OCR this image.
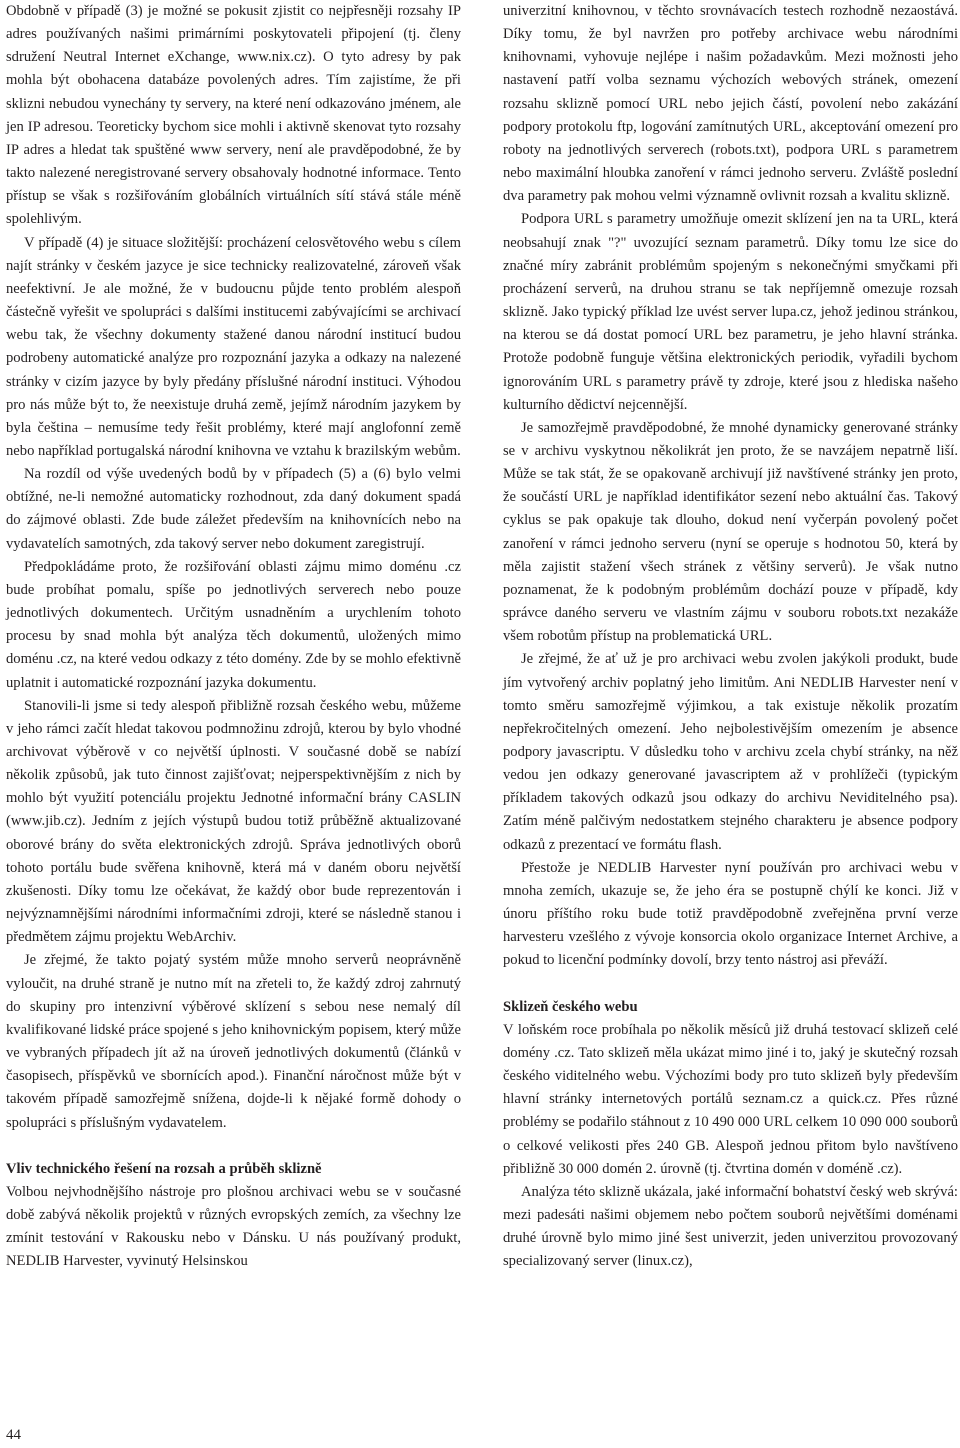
Obdobně v případě (3) je možné se pokusit zjistit co nejpřesněji rozsahy IP adres používaných našimi primárními poskytovateli připojení (tj. členy sdružení Neutral Internet eXchange, www.nix.cz). O tyto adresy by pak mohla být obohacena databáze povolených adres. Tím zajistíme, že při sklizni nebudou vynechány ty servery, na které není odkazováno jménem, ale jen IP adresou. Teoreticky bychom sice mohli i aktivně skenovat tyto rozsahy IP adres a hledat tak spuštěné www servery, není ale pravděpodobné, že by takto nalezené neregistrované servery obsahovaly hodnotné informace. Tento přístup se však s rozšiřováním globálních virtuálních sítí stává stále méně spolehlivým.

V případě (4) je situace složitější: procházení celosvětového webu s cílem najít stránky v českém jazyce je sice technicky realizovatelné, zároveň však neefektivní. Je ale možné, že v budoucnu půjde tento problém alespoň částečně vyřešit ve spolupráci s dalšími institucemi zabývajícími se archivací webu tak, že všechny dokumenty stažené danou národní institucí budou podrobeny automatické analýze pro rozpoznání jazyka a odkazy na nalezené stránky v cizím jazyce by byly předány příslušné národní instituci. Výhodou pro nás může být to, že neexistuje druhá země, jejímž národním jazykem by byla čeština – nemusíme tedy řešit problémy, které mají anglofonní země nebo například portugalská národní knihovna ve vztahu k brazilským webům.

Na rozdíl od výše uvedených bodů by v případech (5) a (6) bylo velmi obtížné, ne-li nemožné automaticky rozhodnout, zda daný dokument spadá do zájmové oblasti. Zde bude záležet především na knihovnících nebo na vydavatelích samotných, zda takový server nebo dokument zaregistrují.

Předpokládáme proto, že rozšiřování oblasti zájmu mimo doménu .cz bude probíhat pomalu, spíše po jednotlivých serverech nebo pouze jednotlivých dokumentech. Určitým usnadněním a urychlením tohoto procesu by snad mohla být analýza těch dokumentů, uložených mimo doménu .cz, na které vedou odkazy z této domény. Zde by se mohlo efektivně uplatnit i automatické rozpoznání jazyka dokumentu.

Stanovili-li jsme si tedy alespoň přibližně rozsah českého webu, můžeme v jeho rámci začít hledat takovou podmnožinu zdrojů, kterou by bylo vhodné archivovat výběrově v co největší úplnosti. V současné době se nabízí několik způsobů, jak tuto činnost zajišťovat; nejperspektivnějším z nich by mohlo být využití potenciálu projektu Jednotné informační brány CASLIN (www.jib.cz). Jedním z jejích výstupů budou totiž průběžně aktualizované oborové brány do světa elektronických zdrojů. Správa jednotlivých oborů tohoto portálu bude svěřena knihovně, která má v daném oboru největší zkušenosti. Díky tomu lze očekávat, že každý obor bude reprezentován i nejvýznamnějšími národními informačními zdroji, které se následně stanou i předmětem zájmu projektu WebArchiv.

Je zřejmé, že takto pojatý systém může mnoho serverů neoprávněně vyloučit, na druhé straně je nutno mít na zřeteli to, že každý zdroj zahrnutý do skupiny pro intenzivní výběrové sklízení s sebou nese nemalý díl kvalifikované lidské práce spojené s jeho knihovnickým popisem, který může ve vybraných případech jít až na úroveň jednotlivých dokumentů (článků v časopisech, příspěvků ve sbornících apod.). Finanční náročnost může být v takovém případě samozřejmě snížena, dojde-li k nějaké formě dohody o spolupráci s příslušným vydavatelem.

Vliv technického řešení na rozsah a průběh sklizně

Volbou nejvhodnějšího nástroje pro plošnou archivaci webu se v současné době zabývá několik projektů v různých evropských zemích, za všechny lze zmínit testování v Rakousku nebo v Dánsku. U nás používaný produkt, NEDLIB Harvester, vyvinutý Helsinskou

univerzitní knihovnou, v těchto srovnávacích testech rozhodně nezaostává. Díky tomu, že byl navržen pro potřeby archivace webu národními knihovnami, vyhovuje nejlépe i našim požadavkům. Mezi možnosti jeho nastavení patří volba seznamu výchozích webových stránek, omezení rozsahu sklizně pomocí URL nebo jejich částí, povolení nebo zakázání podpory protokolu ftp, logování zamítnutých URL, akceptování omezení pro roboty na jednotlivých serverech (robots.txt), podpora URL s parametrem nebo maximální hloubka zanoření v rámci jednoho serveru. Zvláště poslední dva parametry pak mohou velmi významně ovlivnit rozsah a kvalitu sklizně.

Podpora URL s parametry umožňuje omezit sklízení jen na ta URL, která neobsahují znak "?" uvozující seznam parametrů. Díky tomu lze sice do značné míry zabránit problémům spojeným s nekonečnými smyčkami při procházení serverů, na druhou stranu se tak nepříjemně omezuje rozsah sklizně. Jako typický příklad lze uvést server lupa.cz, jehož jedinou stránkou, na kterou se dá dostat pomocí URL bez parametru, je jeho hlavní stránka. Protože podobně funguje většina elektronických periodik, vyřadili bychom ignorováním URL s parametry právě ty zdroje, které jsou z hlediska našeho kulturního dědictví nejcennější.

Je samozřejmě pravděpodobné, že mnohé dynamicky generované stránky se v archivu vyskytnou několikrát jen proto, že se navzájem nepatrně liší. Může se tak stát, že se opakovaně archivují již navštívené stránky jen proto, že součástí URL je například identifikátor sezení nebo aktuální čas. Takový cyklus se pak opakuje tak dlouho, dokud není vyčerpán povolený počet zanoření v rámci jednoho serveru (nyní se operuje s hodnotou 50, která by měla zajistit stažení všech stránek z většiny serverů). Je však nutno poznamenat, že k podobným problémům dochází pouze v případě, kdy správce daného serveru ve vlastním zájmu v souboru robots.txt nezakáže všem robotům přístup na problematická URL.

Je zřejmé, že ať už je pro archivaci webu zvolen jakýkoli produkt, bude jím vytvořený archiv poplatný jeho limitům. Ani NEDLIB Harvester není v tomto směru samozřejmě výjimkou, a tak existuje několik prozatím nepřekročitelných omezení. Jeho nejbolestivějším omezením je absence podpory javascriptu. V důsledku toho v archivu zcela chybí stránky, na něž vedou jen odkazy generované javascriptem až v prohlížeči (typickým příkladem takových odkazů jsou odkazy do archivu Neviditelného psa). Zatím méně palčivým nedostatkem stejného charakteru je absence podpory odkazů z prezentací ve formátu flash.

Přestože je NEDLIB Harvester nyní používán pro archivaci webu v mnoha zemích, ukazuje se, že jeho éra se postupně chýlí ke konci. Již v únoru příštího roku bude totiž pravděpodobně zveřejněna první verze harvesteru vzešlého z vývoje konsorcia okolo organizace Internet Archive, a pokud to licenční podmínky dovolí, brzy tento nástroj asi převáží.

Sklizeň českého webu

V loňském roce probíhala po několik měsíců již druhá testovací sklizeň celé domény .cz. Tato sklizeň měla ukázat mimo jiné i to, jaký je skutečný rozsah českého viditelného webu. Výchozími body pro tuto sklizeň byly především hlavní stránky internetových portálů seznam.cz a quick.cz. Přes různé problémy se podařilo stáhnout z 10 490 000 URL celkem 10 090 000 souborů o celkové velikosti přes 240 GB. Alespoň jednou přitom bylo navštíveno přibližně 30 000 domén 2. úrovně (tj. čtvrtina domén v doméně .cz).

Analýza této sklizně ukázala, jaké informační bohatství český web skrývá: mezi padesáti našimi objemem nebo počtem souborů největšími doménami druhé úrovně bylo mimo jiné šest univerzit, jeden univerzitou provozovaný specializovaný server (linux.cz),

44
